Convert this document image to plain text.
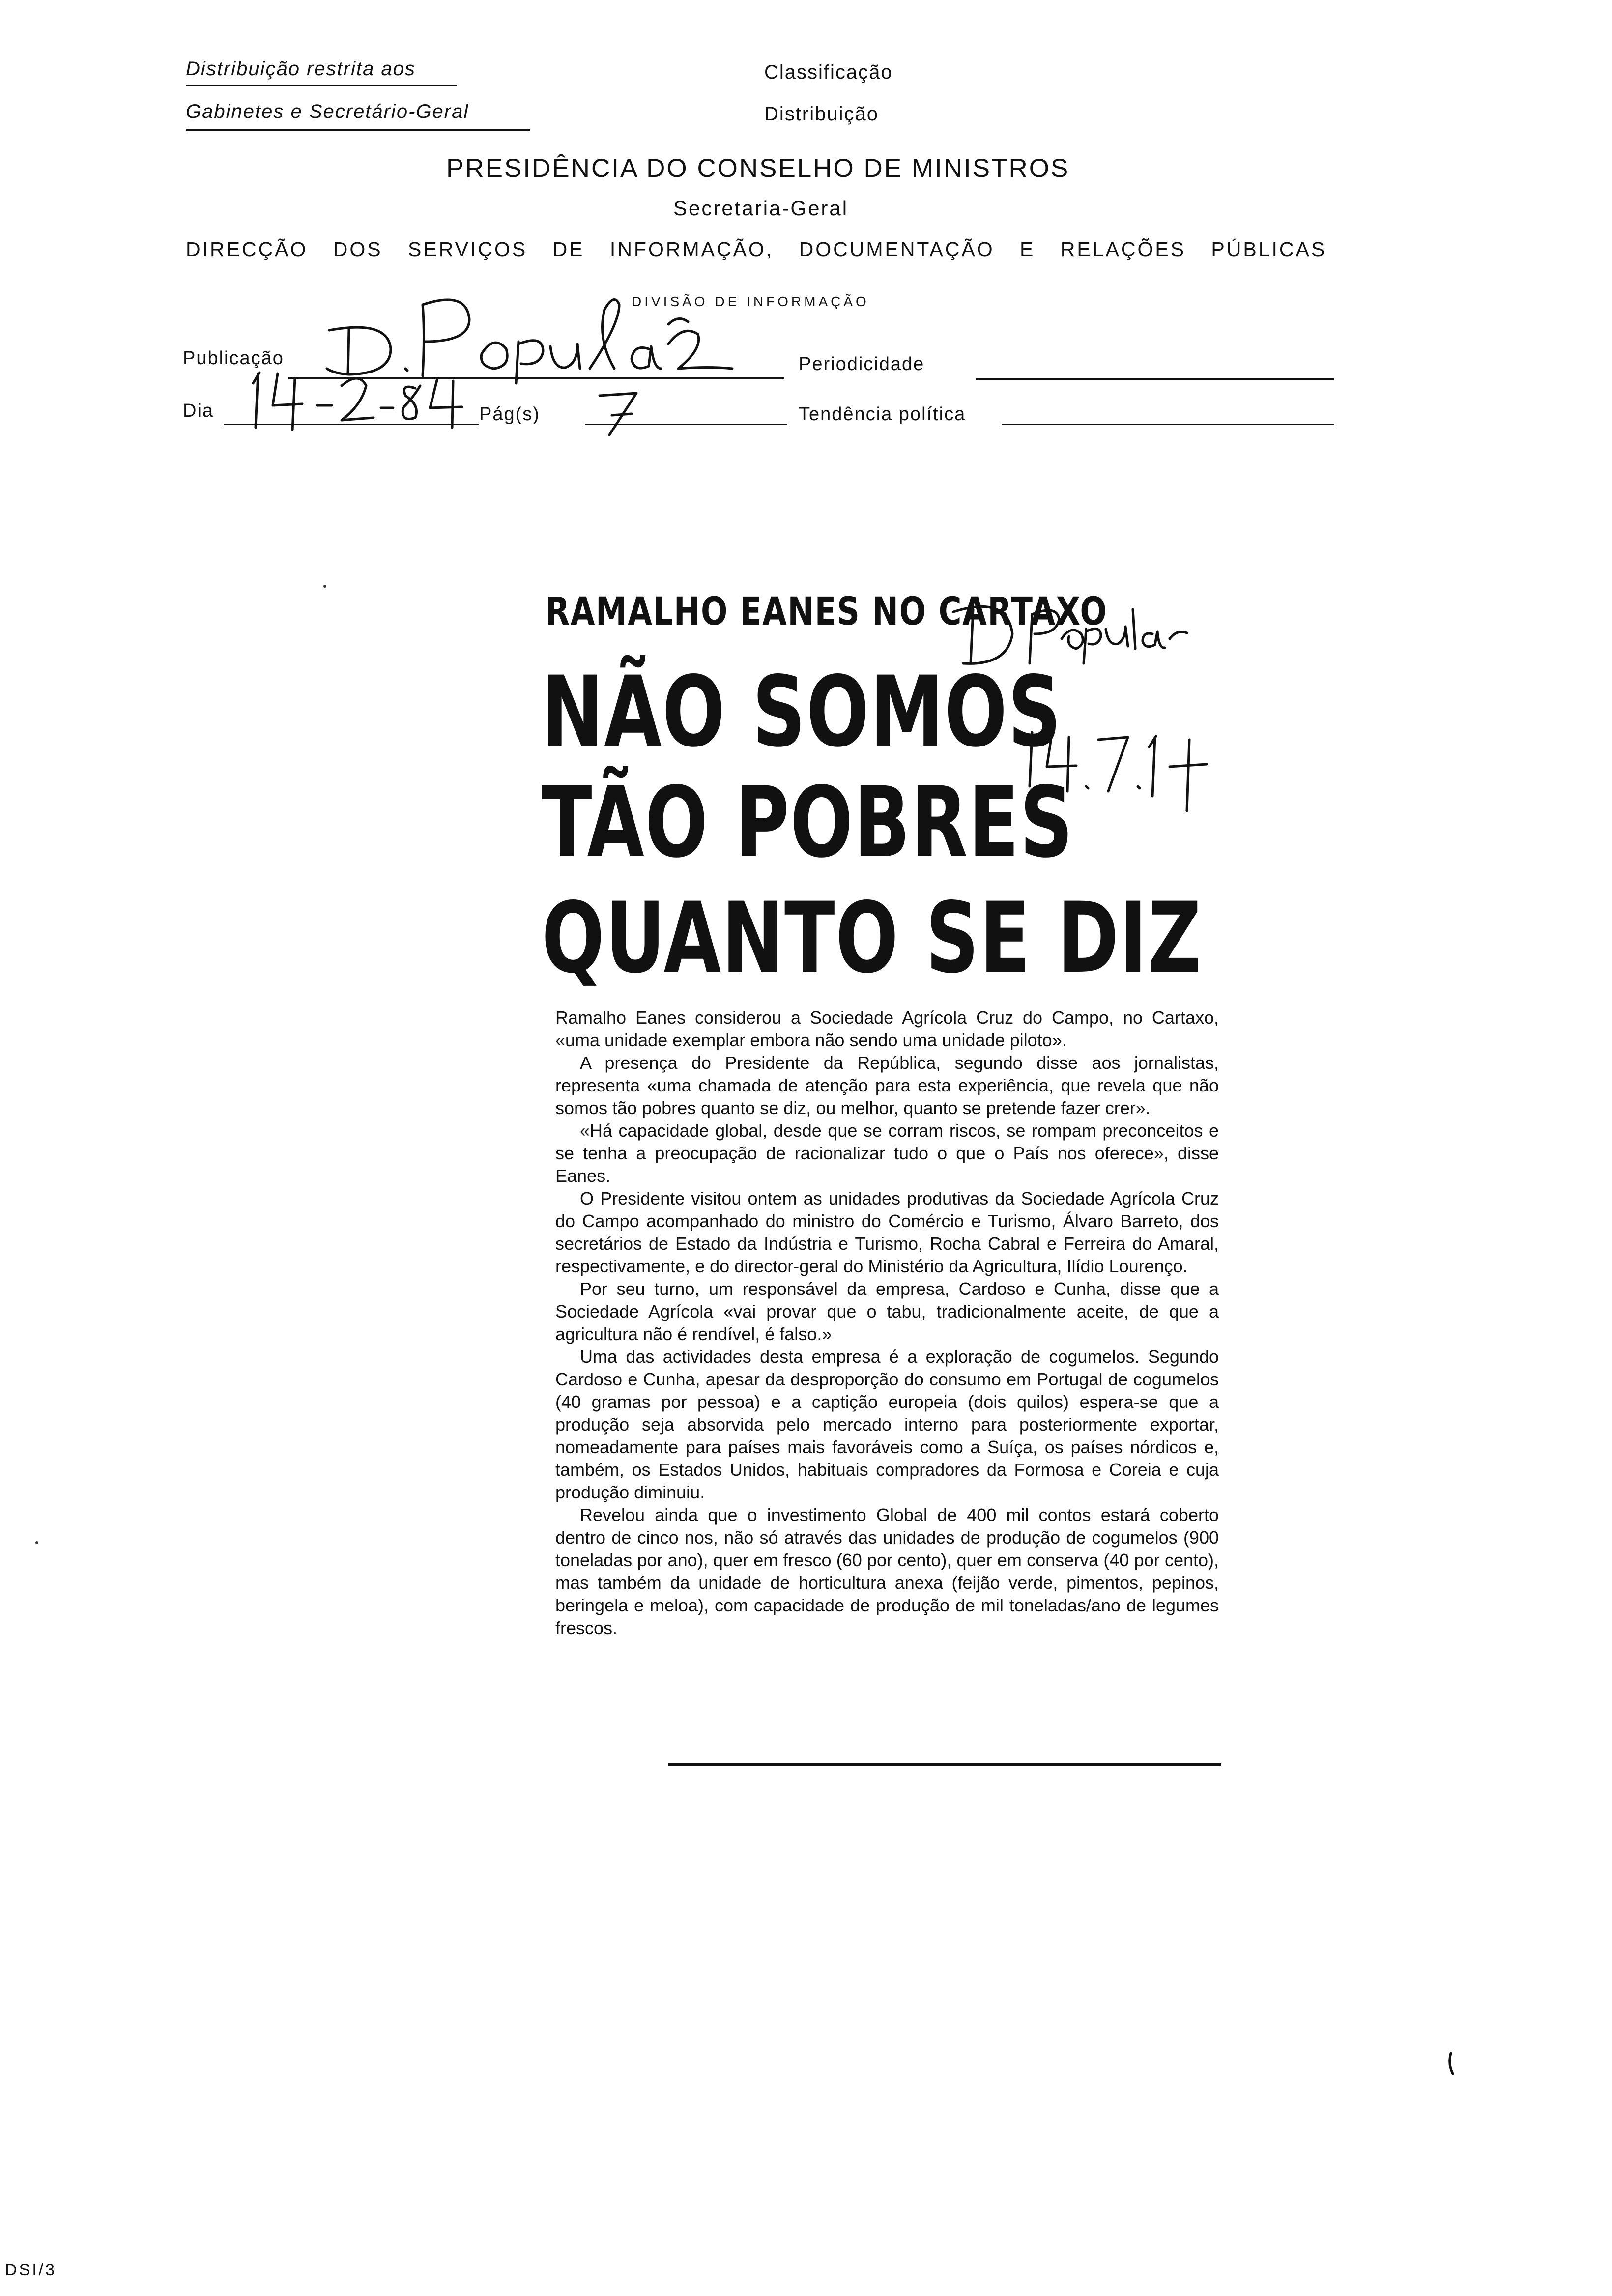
Distribuição restrita aos
Gabinetes e Secretário-Geral
Classificação
Distribuição
PRESIDÊNCIA DO CONSELHO DE MINISTROS
Secretaria-Geral
DIRECÇÃO DOS SERVIÇOS DE INFORMAÇÃO, DOCUMENTAÇÃO E RELAÇÕES PÚBLICAS
DIVISÃO DE INFORMAÇÃO
Publicação	Periodicidade
Dia	Pág(s)	Tendência política
RAMALHO EANES NO CARTAXO
NÃO SOMOS
TÃO POBRES
QUANTO SE DIZ

Ramalho Eanes considerou a Sociedade Agrícola Cruz do Campo, no Cartaxo, «uma unidade exemplar embora não sendo uma unidade piloto».

A presença do Presidente da República, segundo disse aos jornalistas, representa «uma chamada de atenção para esta experiência, que revela que não somos tão pobres quanto se diz, ou melhor, quanto se pretende fazer crer».

«Há capacidade global, desde que se corram riscos, se rompam preconceitos e se tenha a preocupação de racionalizar tudo o que o País nos oferece», disse Eanes.

O Presidente visitou ontem as unidades produtivas da Sociedade Agrícola Cruz do Campo acompanhado do ministro do Comércio e Turismo, Álvaro Barreto, dos secretários de Estado da Indústria e Turismo, Rocha Cabral e Ferreira do Amaral, respectivamente, e do director-geral do Ministério da Agricultura, Ilídio Lourenço.

Por seu turno, um responsável da empresa, Cardoso e Cunha, disse que a Sociedade Agrícola «vai provar que o tabu, tradicionalmente aceite, de que a agricultura não é rendível, é falso.»

Uma das actividades desta empresa é a exploração de cogumelos. Segundo Cardoso e Cunha, apesar da desproporção do consumo em Portugal de cogumelos (40 gramas por pessoa) e a captição europeia (dois quilos) espera-se que a produção seja absorvida pelo mercado interno para posteriormente exportar, nomeadamente para países mais favoráveis como a Suíça, os países nórdicos e, também, os Estados Unidos, habituais compradores da Formosa e Coreia e cuja produção diminuiu.

Revelou ainda que o investimento Global de 400 mil contos estará coberto dentro de cinco nos, não só através das unidades de produção de cogumelos (900 toneladas por ano), quer em fresco (60 por cento), quer em conserva (40 por cento), mas também da unidade de horticultura anexa (feijão verde, pimentos, pepinos, beringela e meloa), com capacidade de produção de mil toneladas/ano de legumes frescos.

DSI/3
